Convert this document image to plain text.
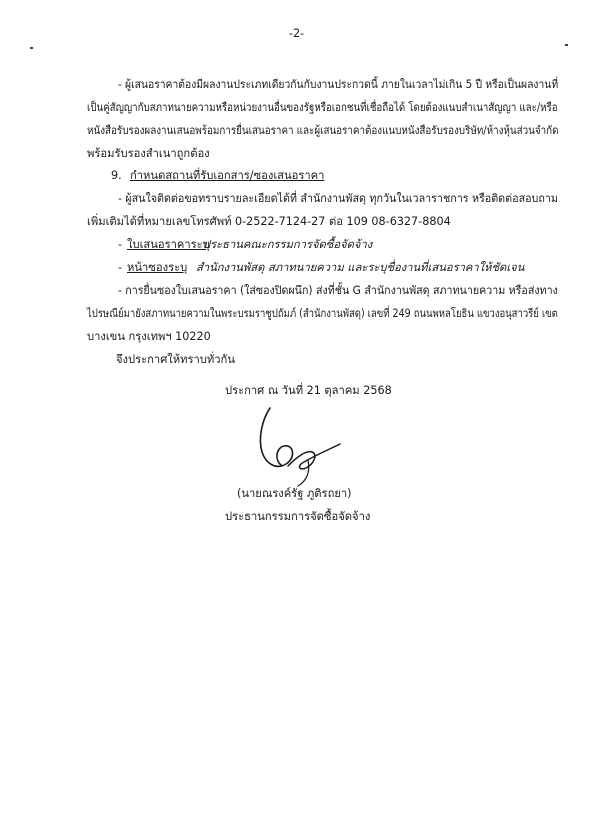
-2-
- ผู้เสนอราคาต้องมีผลงานประเภทเดียวกันกับงานประกวดนี้ ภายในเวลาไม่เกิน 5 ปี หรือเป็นผลงานที่
เป็นคู่สัญญากับสภาทนายความหรือหน่วยงานอื่นของรัฐหรือเอกชนที่เชื่อถือได้ โดยต้องแนบสำเนาสัญญา และ/หรือ
หนังสือรับรองผลงานเสนอพร้อมการยื่นเสนอราคา และผู้เสนอราคาต้องแนบหนังสือรับรองบริษัท/ห้างหุ้นส่วนจำกัด
พร้อมรับรองสำเนาถูกต้อง
9. กำหนดสถานที่รับเอกสาร/ซองเสนอราคา
- ผู้สนใจติดต่อขอทราบรายละเอียดได้ที่ สำนักงานพัสดุ ทุกวันในเวลาราชการ หรือติดต่อสอบถาม
เพิ่มเติมได้ที่หมายเลขโทรศัพท์ 0-2522-7124-27 ต่อ 109 08-6327-8804
- ใบเสนอราคาระบุ
ประธานคณะกรรมการจัดซื้อจัดจ้าง
- หน้าซองระบุ สำนักงานพัสดุ สภาทนายความ และระบุชื่องานที่เสนอราคาให้ชัดเจน
- การยื่นซองใบเสนอราคา (ใส่ซองปิดผนึก) ส่งที่ชั้น G สำนักงานพัสดุ สภาทนายความ หรือส่งทาง
ไปรษณีย์มายังสภาทนายความในพระบรมราชูปถัมภ์ (สำนักงานพัสดุ) เลขที่ 249 ถนนพหลโยธิน แขวงอนุสาวรีย์ เขต
บางเขน กรุงเทพฯ 10220
จึงประกาศให้ทราบทั่วกัน
ประกาศ ณ วันที่ 21 ตุลาคม 2568
(นายณรงค์รัฐ ภูติรถยา)
ประธานกรรมการจัดซื้อจัดจ้าง
